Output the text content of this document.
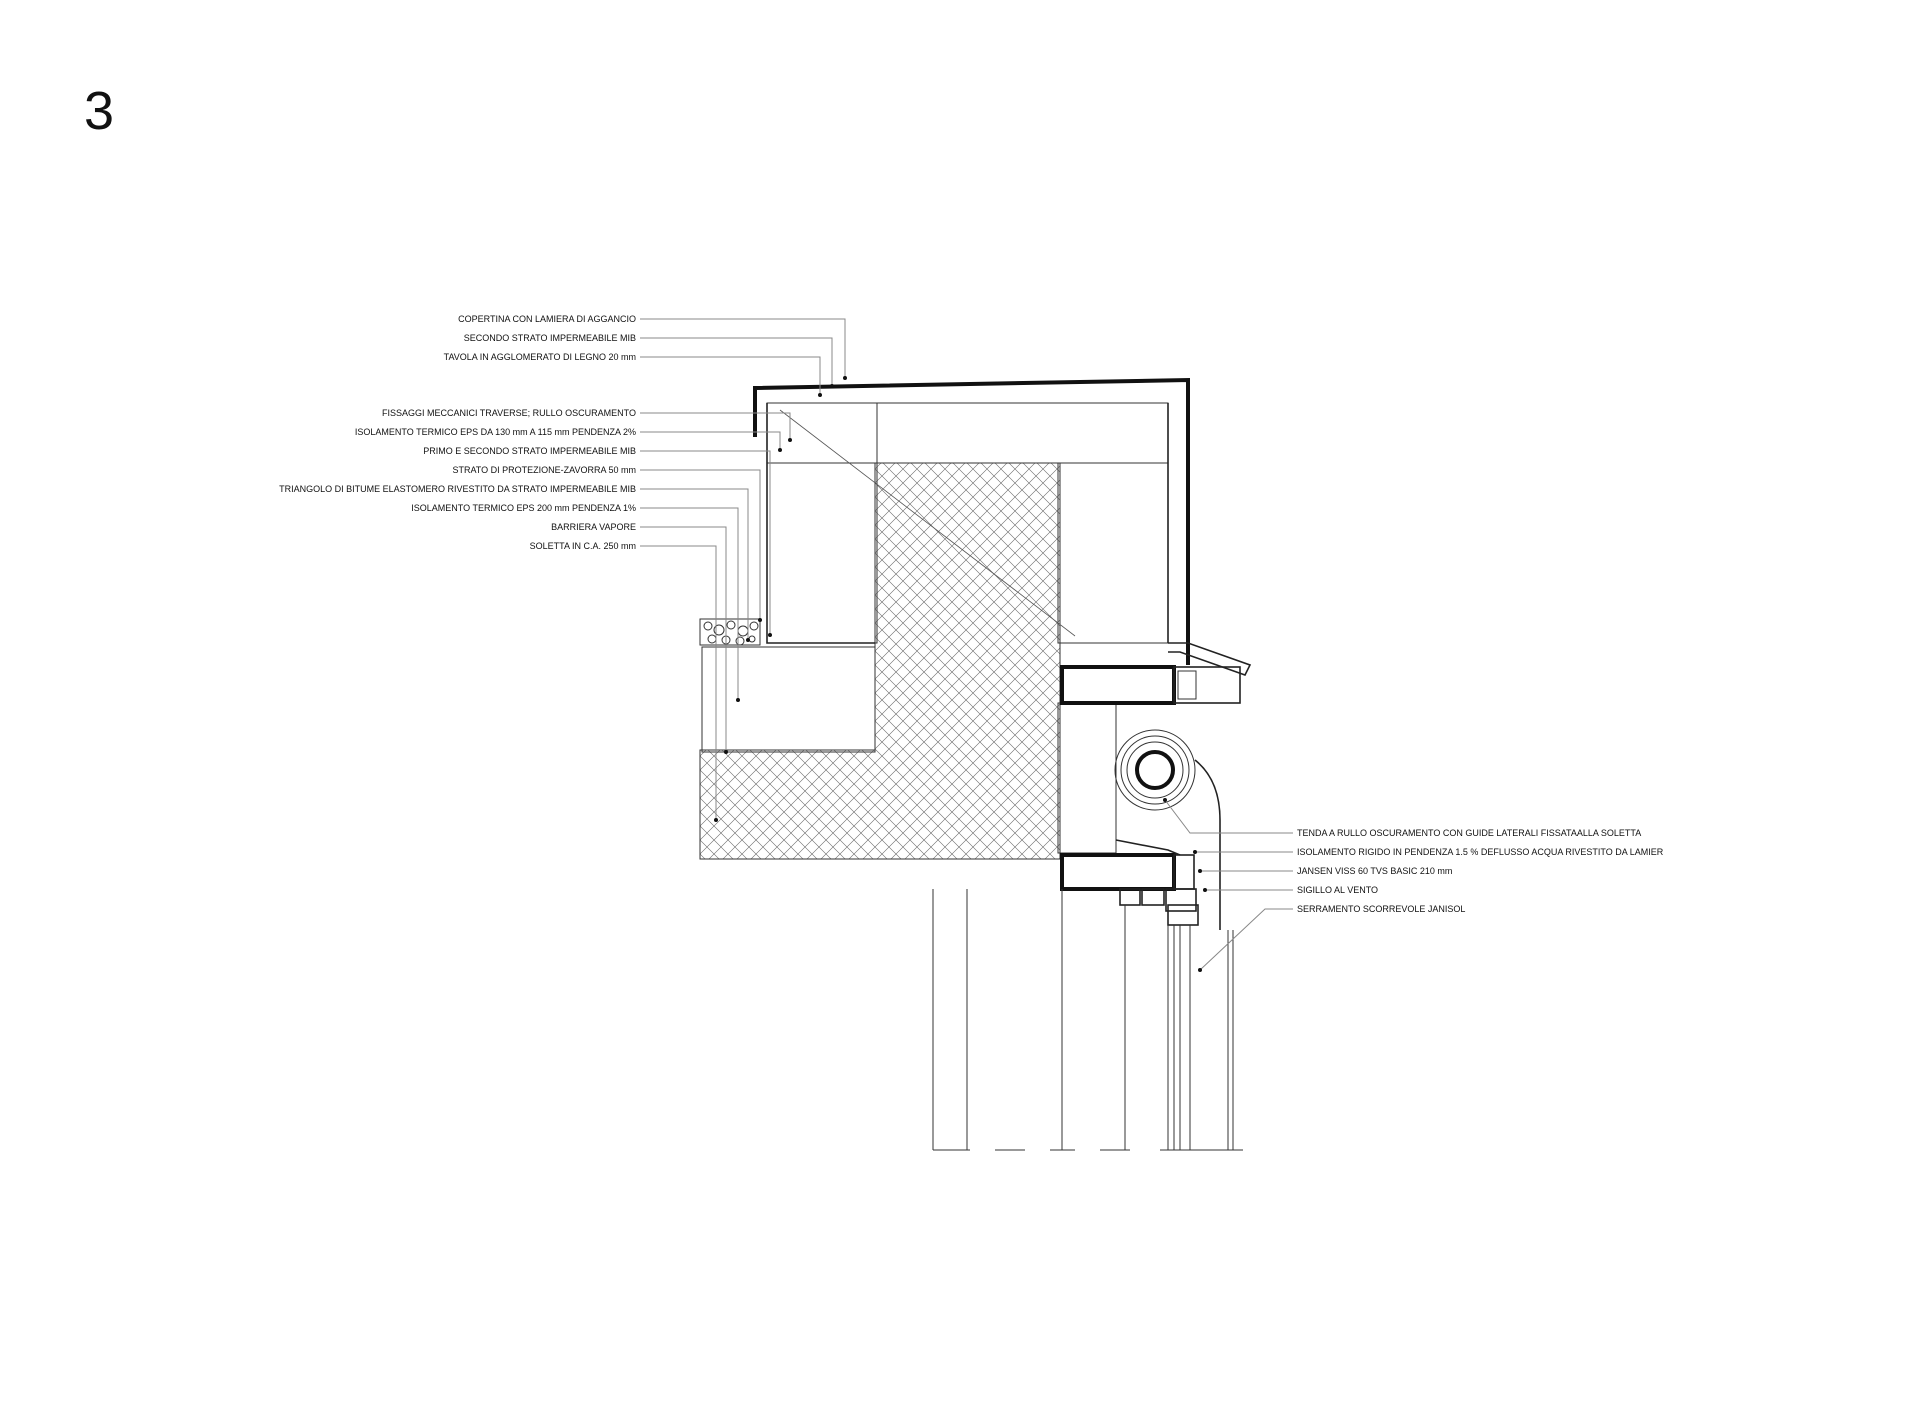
3
COPERTINA CON LAMIERA DI AGGANCIO
SECONDO STRATO IMPERMEABILE MIB
TAVOLA IN AGGLOMERATO DI LEGNO 20 mm
FISSAGGI MECCANICI TRAVERSE; RULLO OSCURAMENTO
ISOLAMENTO TERMICO EPS DA 130 mm A 115 mm PENDENZA 2%
PRIMO E SECONDO STRATO IMPERMEABILE MIB
STRATO DI PROTEZIONE-ZAVORRA 50 mm
TRIANGOLO DI BITUME ELASTOMERO RIVESTITO DA STRATO IMPERMEABILE MIB
ISOLAMENTO TERMICO EPS 200 mm PENDENZA 1%
BARRIERA VAPORE
SOLETTA IN C.A. 250 mm
TENDA A RULLO OSCURAMENTO CON GUIDE LATERALI FISSATAALLA SOLETTA
ISOLAMENTO RIGIDO IN PENDENZA 1.5 % DEFLUSSO ACQUA RIVESTITO DA LAMIER
JANSEN VISS 60 TVS BASIC 210 mm
SIGILLO AL VENTO
SERRAMENTO SCORREVOLE JANISOL
